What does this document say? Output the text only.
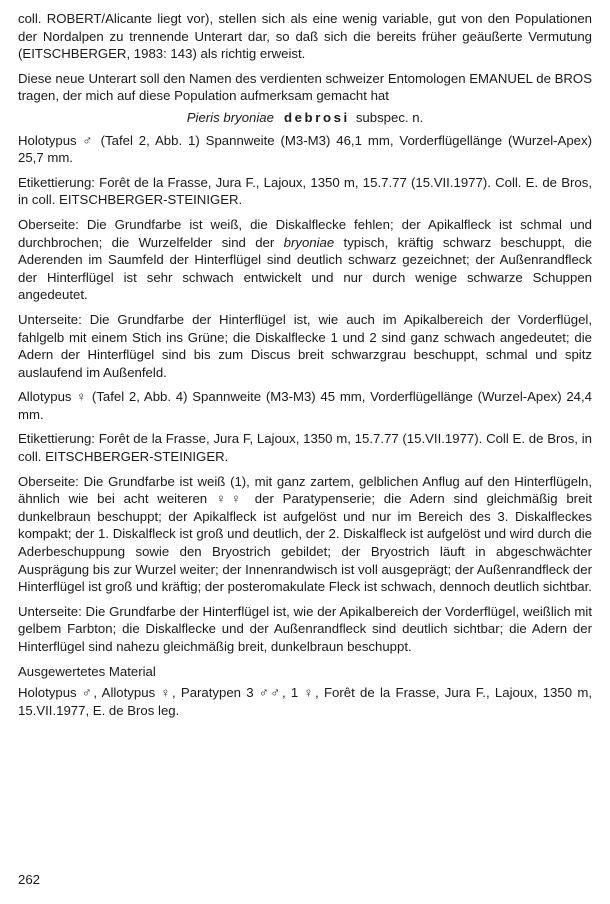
coll. ROBERT/Alicante liegt vor), stellen sich als eine wenig variable, gut von den Populationen der Nordalpen zu trennende Unterart dar, so daß sich die bereits früher geäußerte Vermutung (EITSCHBERGER, 1983: 143) als richtig erweist.

Diese neue Unterart soll den Namen des verdienten schweizer Entomologen EMANUEL de BROS tragen, der mich auf diese Population aufmerksam gemacht hat

Pieris bryoniae debrosi subspec. n.

Holotypus ♂ (Tafel 2, Abb. 1) Spannweite (M3-M3) 46,1 mm, Vorderflügellänge (Wurzel-Apex) 25,7 mm.

Etikettierung: Forêt de la Frasse, Jura F., Lajoux, 1350 m, 15.7.77 (15.VII.1977). Coll. E. de Bros, in coll. EITSCHBERGER-STEINIGER.

Oberseite: Die Grundfarbe ist weiß, die Diskalflecke fehlen; der Apikalfleck ist schmal und durchbrochen; die Wurzelfelder sind der bryoniae typisch, kräftig schwarz beschuppt, die Aderenden im Saumfeld der Hinterflügel sind deutlich schwarz gezeichnet; der Außenrandfleck der Hinterflügel ist sehr schwach entwickelt und nur durch wenige schwarze Schuppen angedeutet.

Unterseite: Die Grundfarbe der Hinterflügel ist, wie auch im Apikalbereich der Vorderflügel, fahlgelb mit einem Stich ins Grüne; die Diskalflecke 1 und 2 sind ganz schwach angedeutet; die Adern der Hinterflügel sind bis zum Discus breit schwarzgrau beschuppt, schmal und spitz auslaufend im Außenfeld.

Allotypus ♀ (Tafel 2, Abb. 4) Spannweite (M3-M3) 45 mm, Vorderflügellänge (Wurzel-Apex) 24,4 mm.

Etikettierung: Forêt de la Frasse, Jura F, Lajoux, 1350 m, 15.7.77 (15.VII.1977). Coll E. de Bros, in coll. EITSCHBERGER-STEINIGER.

Oberseite: Die Grundfarbe ist weiß (1), mit ganz zartem, gelblichen Anflug auf den Hinterflügeln, ähnlich wie bei acht weiteren ♀♀ der Paratypenserie; die Adern sind gleichmäßig breit dunkelbraun beschuppt; der Apikalfleck ist aufgelöst und nur im Bereich des 3. Diskalfleckes kompakt; der 1. Diskalfleck ist groß und deutlich, der 2. Diskalfleck ist aufgelöst und wird durch die Aderbeschuppung sowie den Bryostrich gebildet; der Bryostrich läuft in abgeschwächter Ausprägung bis zur Wurzel weiter; der Innenrandwisch ist voll ausgeprägt; der Außenrandfleck der Hinterflügel ist groß und kräftig; der posteromakulate Fleck ist schwach, dennoch deutlich sichtbar.

Unterseite: Die Grundfarbe der Hinterflügel ist, wie der Apikalbereich der Vorderflügel, weißlich mit gelbem Farbton; die Diskalflecke und der Außenrandfleck sind deutlich sichtbar; die Adern der Hinterflügel sind nahezu gleichmäßig breit, dunkelbraun beschuppt.

Ausgewertetes Material

Holotypus ♂, Allotypus ♀, Paratypen 3 ♂♂, 1 ♀, Forêt de la Frasse, Jura F., Lajoux, 1350 m, 15.VII.1977, E. de Bros leg.

262
